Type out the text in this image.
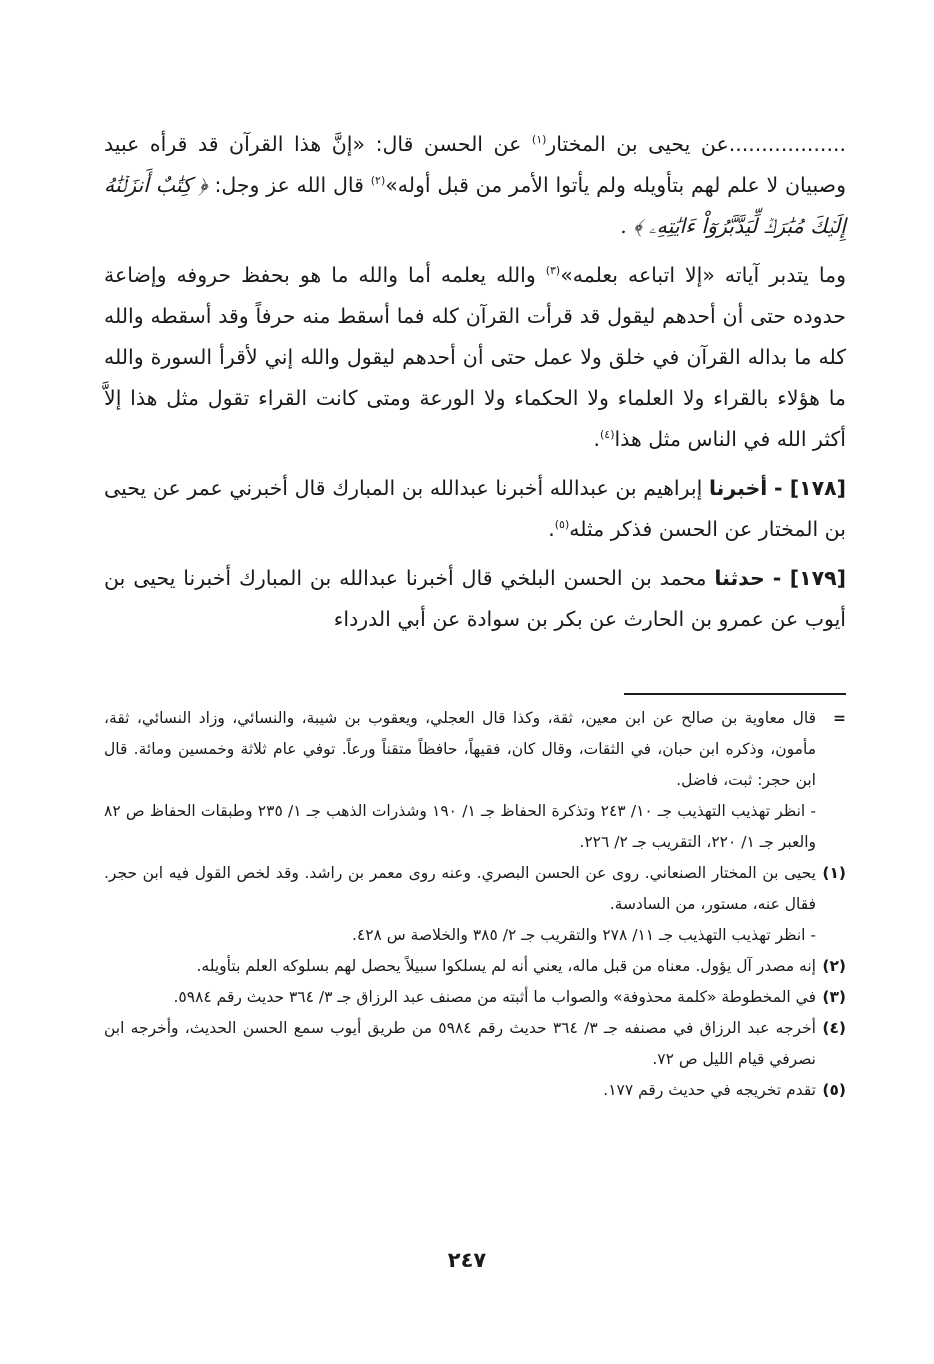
..................عن يحيى بن المختار$^{(١)}$ عن الحسن قال: «إنَّ هذا القرآن قد قرأه عبيد وصبيان لا علم لهم بتأويله ولم يأتوا الأمر من قبل أوله»$^{(٢)}$ قال الله عز وجل: ﴿ كِتَٰبٌ أَنزَلۡنَٰهُ إِلَيۡكَ مُبَٰرَكٞ لِّيَدَّبَّرُوٓاْ ءَايَٰتِهِۦ ﴾ .

وما يتدبر آياته «إلا اتباعه بعلمه»$^{(٣)}$ والله يعلمه أما والله ما هو بحفظ حروفه وإضاعة حدوده حتى أن أحدهم ليقول قد قرأت القرآن كله فما أسقط منه حرفاً وقد أسقطه والله كله ما بداله القرآن في خلق ولا عمل حتى أن أحدهم ليقول والله إني لأقرأ السورة والله ما هؤلاء بالقراء ولا العلماء ولا الحكماء ولا الورعة ومتى كانت القراء تقول مثل هذا إلاَّ أكثر الله في الناس مثل هذا$^{(٤)}$.

[١٧٨] - أخبرنا إبراهيم بن عبدالله أخبرنا عبدالله بن المبارك قال أخبرني عمر عن يحيى بن المختار عن الحسن فذكر مثله$^{(٥)}$.

[١٧٩] - حدثنا محمد بن الحسن البلخي قال أخبرنا عبدالله بن المبارك أخبرنا يحيى بن أيوب عن عمرو بن الحارث عن بكر بن سوادة عن أبي الدرداء

=
قال معاوية بن صالح عن ابن معين، ثقة، وكذا قال العجلي، ويعقوب بن شيبة، والنسائي، وزاد النسائي، ثقة، مأمون، وذكره ابن حبان، في الثقات، وقال كان، فقيهاً، حافظاً متقناً ورعاً. توفي عام ثلاثة وخمسين ومائة. قال ابن حجر: ثبت، فاضل.
- انظر تهذيب التهذيب جـ ١٠/ ٢٤٣ وتذكرة الحفاظ جـ ١/ ١٩٠ وشذرات الذهب جـ ١/ ٢٣٥ وطبقات الحفاظ ص ٨٢ والعبر جـ ١/ ٢٢٠، التقريب جـ ٢/ ٢٢٦.
(١)
يحيى بن المختار الصنعاني. روى عن الحسن البصري. وعنه روى معمر بن راشد. وقد لخص القول فيه ابن حجر. فقال عنه، مستور، من السادسة.
- انظر تهذيب التهذيب جـ ١١/ ٢٧٨ والتقريب جـ ٢/ ٣٨٥ والخلاصة س ٤٢٨.
(٢)
إنه مصدر آل يؤول. معناه من قبل ماله، يعني أنه لم يسلكوا سبيلاً يحصل لهم بسلوكه العلم بتأويله.
(٣)
في المخطوطة «كلمة محذوفة» والصواب ما أثبته من مصنف عبد الرزاق جـ ٣/ ٣٦٤ حديث رقم ٥٩٨٤.
(٤)
أخرجه عبد الرزاق في مصنفه جـ ٣/ ٣٦٤ حديث رقم ٥٩٨٤ من طريق أيوب سمع الحسن الحديث، وأخرجه ابن نصرفي قيام الليل ص ٧٢.
(٥)
تقدم تخريجه في حديث رقم ١٧٧.
٢٤٧
